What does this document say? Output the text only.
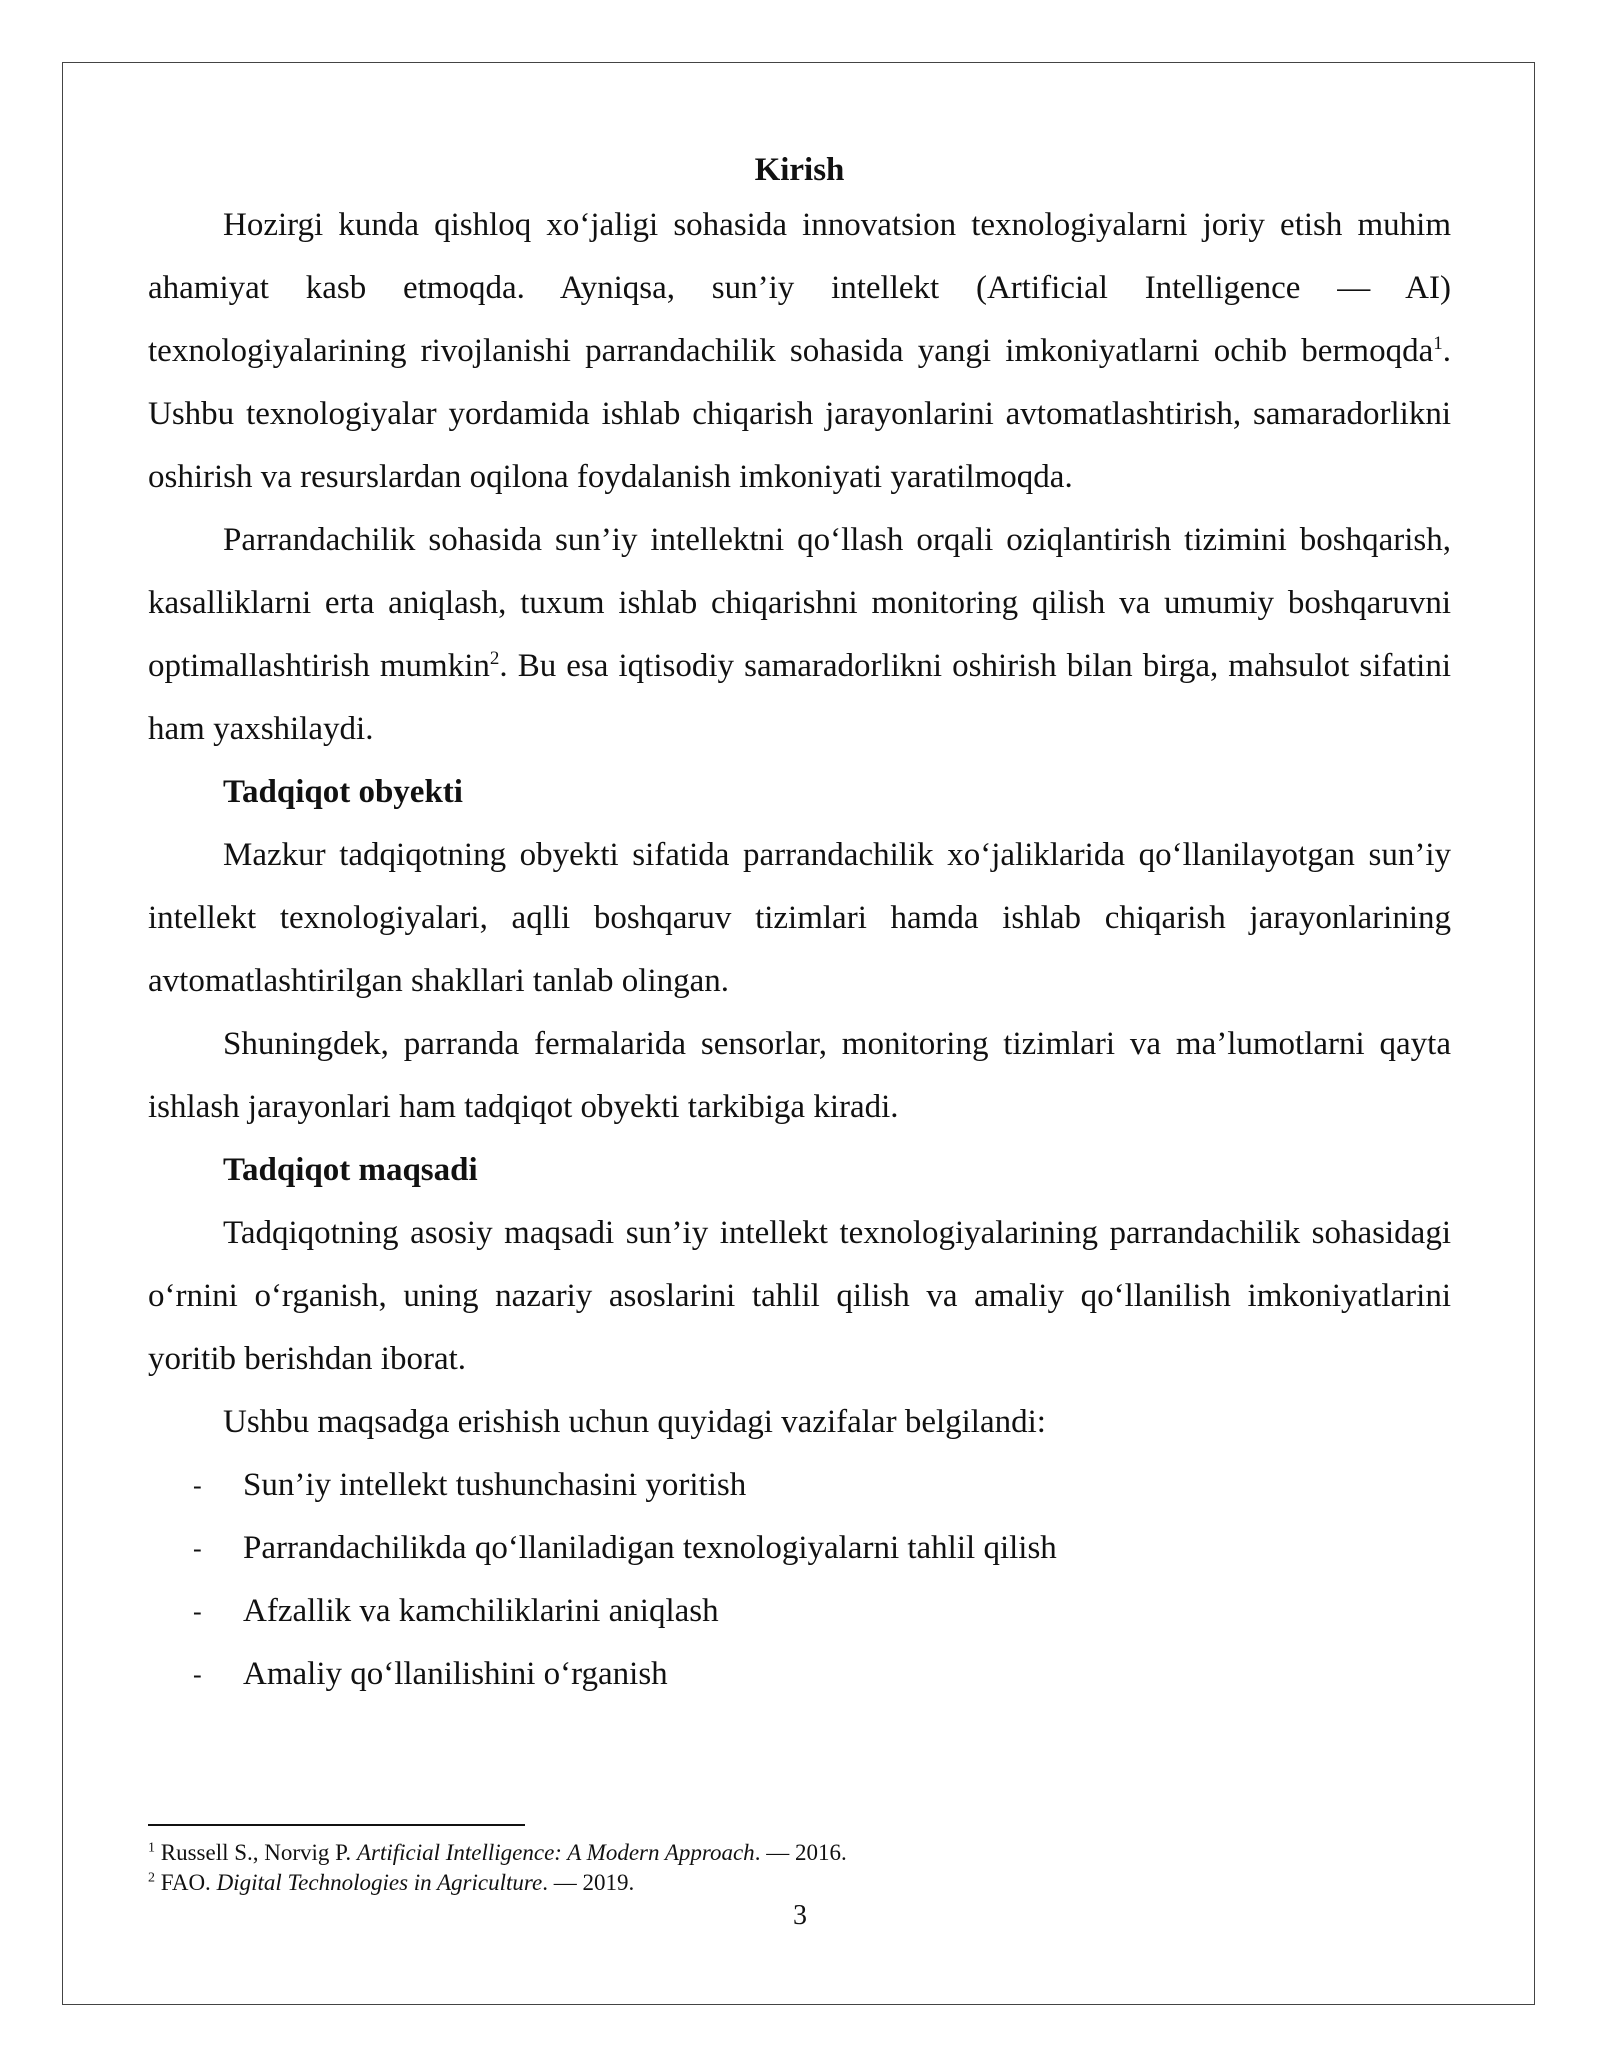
Kirish

Hozirgi kunda qishloq xo‘jaligi sohasida innovatsion texnologiyalarni joriy etish muhim ahamiyat kasb etmoqda. Ayniqsa, sun’iy intellekt (Artificial Intelligence — AI) texnologiyalarining rivojlanishi parrandachilik sohasida yangi imkoniyatlarni ochib bermoqda$^1$. Ushbu texnologiyalar yordamida ishlab chiqarish jarayonlarini avtomatlashtirish, samaradorlikni oshirish va resurslardan oqilona foydalanish imkoniyati yaratilmoqda.

Parrandachilik sohasida sun’iy intellektni qo‘llash orqali oziqlantirish tizimini boshqarish, kasalliklarni erta aniqlash, tuxum ishlab chiqarishni monitoring qilish va umumiy boshqaruvni optimallashtirish mumkin$^2$. Bu esa iqtisodiy samaradorlikni oshirish bilan birga, mahsulot sifatini ham yaxshilaydi.

Tadqiqot obyekti

Mazkur tadqiqotning obyekti sifatida parrandachilik xo‘jaliklarida qo‘llanilayotgan sun’iy intellekt texnologiyalari, aqlli boshqaruv tizimlari hamda ishlab chiqarish jarayonlarining avtomatlashtirilgan shakllari tanlab olingan.

Shuningdek, parranda fermalarida sensorlar, monitoring tizimlari va ma’lumotlarni qayta ishlash jarayonlari ham tadqiqot obyekti tarkibiga kiradi.

Tadqiqot maqsadi

Tadqiqotning asosiy maqsadi sun’iy intellekt texnologiyalarining parrandachilik sohasidagi o‘rnini o‘rganish, uning nazariy asoslarini tahlil qilish va amaliy qo‘llanilish imkoniyatlarini yoritib berishdan iborat.

Ushbu maqsadga erishish uchun quyidagi vazifalar belgilandi:

- Sun’iy intellekt tushunchasini yoritish
- Parrandachilikda qo‘llaniladigan texnologiyalarni tahlil qilish
- Afzallik va kamchiliklarini aniqlash
- Amaliy qo‘llanilishini o‘rganish

$^1$ Russell S., Norvig P. Artificial Intelligence: A Modern Approach. — 2016.

$^2$ FAO. Digital Technologies in Agriculture. — 2019.

3
